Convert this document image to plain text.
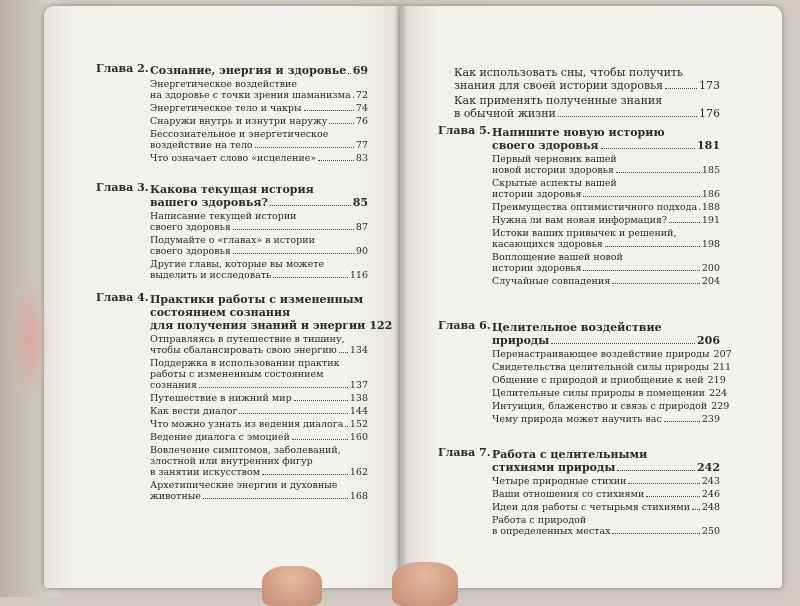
Глава 2. Сознание, энергия и здоровье 69
Энергетическое воздействие
на здоровье с точки зрения шаманизма 72
Энергетическое тело и чакры	74
Снаружи внутрь и изнутри наружу	76
Бессознательное и энергетическое
воздействие на тело	77
Что означает слово «исцеление»	83
Глава 3. Какова текущая история
вашего здоровья?	85
Написание текущей истории
своего здоровья	87
Подумайте о «главах» в истории
своего здоровья	90
Другие главы, которые вы можете
выделить и исследовать	116
Глава 4. Практики работы с измененным
состоянием сознания
для получения знаний и энергии 122
Отправляясь в путешествие в тишину,
чтобы сбалансировать свою энергию 134
Поддержка в использовании практик
работы с измененным состоянием
сознания	137
Путешествие в нижний мир	138
Как вести диалог	144
Что можно узнать из ведения диалога 152
Ведение диалога с эмоцией	160
Вовлечение симптомов, заболеваний,
злостной или внутренних фигур
в занятии искусством	162
Архетипические энергии и духовные
животные	168
Как использовать сны, чтобы получить
знания для своей истории здоровья	173
Как применять полученные знания
в обычной жизни	176
Глава 5. Напишите новую историю
своего здоровья	181
Первый черновик вашей
новой истории здоровья	185
Скрытые аспекты вашей
истории здоровья	186
Преимущества оптимистичного подхода 188
Нужна ли вам новая информация?	191
Истоки ваших привычек и решений,
касающихся здоровья	198
Воплощение вашей новой
истории здоровья	200
Случайные совпадения	204
Глава 6. Целительное воздействие
природы	206
Перенастраивающее воздействие природы 207
Свидетельства целительной силы природы 211
Общение с природой и приобщение к ней 219
Целительные силы природы в помещении 224
Интуиция, блаженство и связь с природой 229
Чему природа может научить вас	239
Глава 7. Работа с целительными
стихиями природы	242
Четыре природные стихии	243
Ваши отношения со стихиями	246
Идеи для работы с четырьмя стихиями 248
Работа с природой
в определенных местах	250
